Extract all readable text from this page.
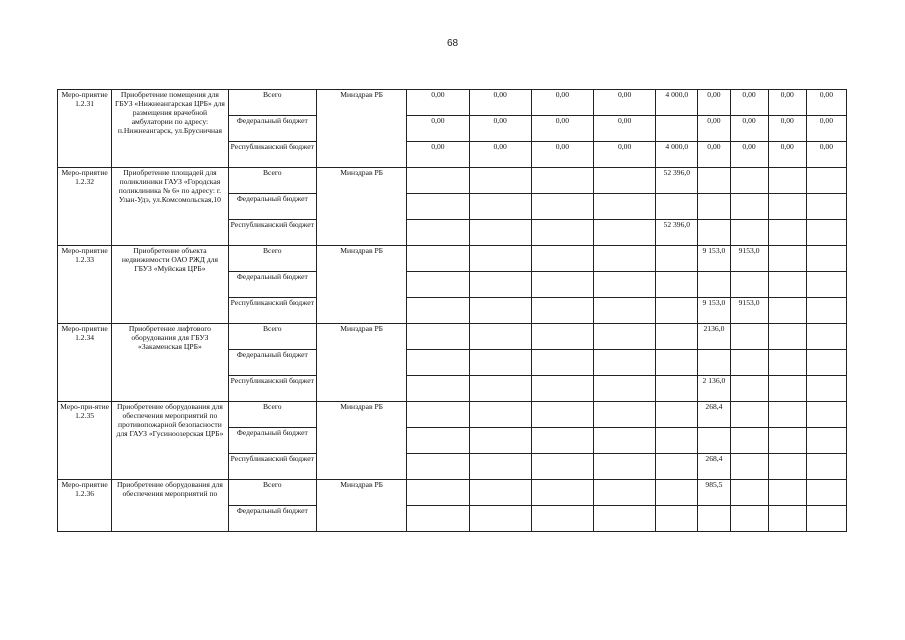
68
Меро-приятие 1.2.31	Приобретение помещения для ГБУЗ «Нижнеангарская ЦРБ» для размещения врачебной амбулатории по адресу: п.Нижнеангарск, ул.Брусничная	Всего	Минздрав РБ	0,00	0,00	0,00	0,00	4 000,0	0,00	0,00	0,00	0,00
		Федеральный бюджет		0,00	0,00	0,00	0,00		0,00	0,00	0,00	0,00
		Республиканский бюджет		0,00	0,00	0,00	0,00	4 000,0	0,00	0,00	0,00	0,00
Меро-приятие 1.2.32	Приобретение площадей для поликлиники ГАУЗ «Городская поликлиника № 6» по адресу: г. Улан-Удэ, ул.Комсомольская,10	Всего	Минздрав РБ					52 396,0				
		Федеральный бюджет										
		Республиканский бюджет						52 396,0				
Меро-приятие 1.2.33	Приобретение объекта недвижимости ОАО РЖД для ГБУЗ «Муйская ЦРБ»	Всего	Минздрав РБ						9 153,0	9153,0		
		Федеральный бюджет										
		Республиканский бюджет							9 153,0	9153,0		
Меро-приятие 1.2.34	Приобретение лифтового оборудования для ГБУЗ «Закаменская ЦРБ»	Всего	Минздрав РБ						2136,0			
		Федеральный бюджет										
		Республиканский бюджет							2 136,0			
Меро-при-ятие 1.2.35	Приобретение оборудования для обеспечения мероприятий по противопожарной безопасности для ГАУЗ «Гусиноозерская ЦРБ»	Всего	Минздрав РБ						268,4			
		Федеральный бюджет										
		Республиканский бюджет							268,4			
Меро-приятие 1.2.36	Приобретение оборудования для обеспечения мероприятий по	Всего	Минздрав РБ						985,5			
		Федеральный бюджет										
